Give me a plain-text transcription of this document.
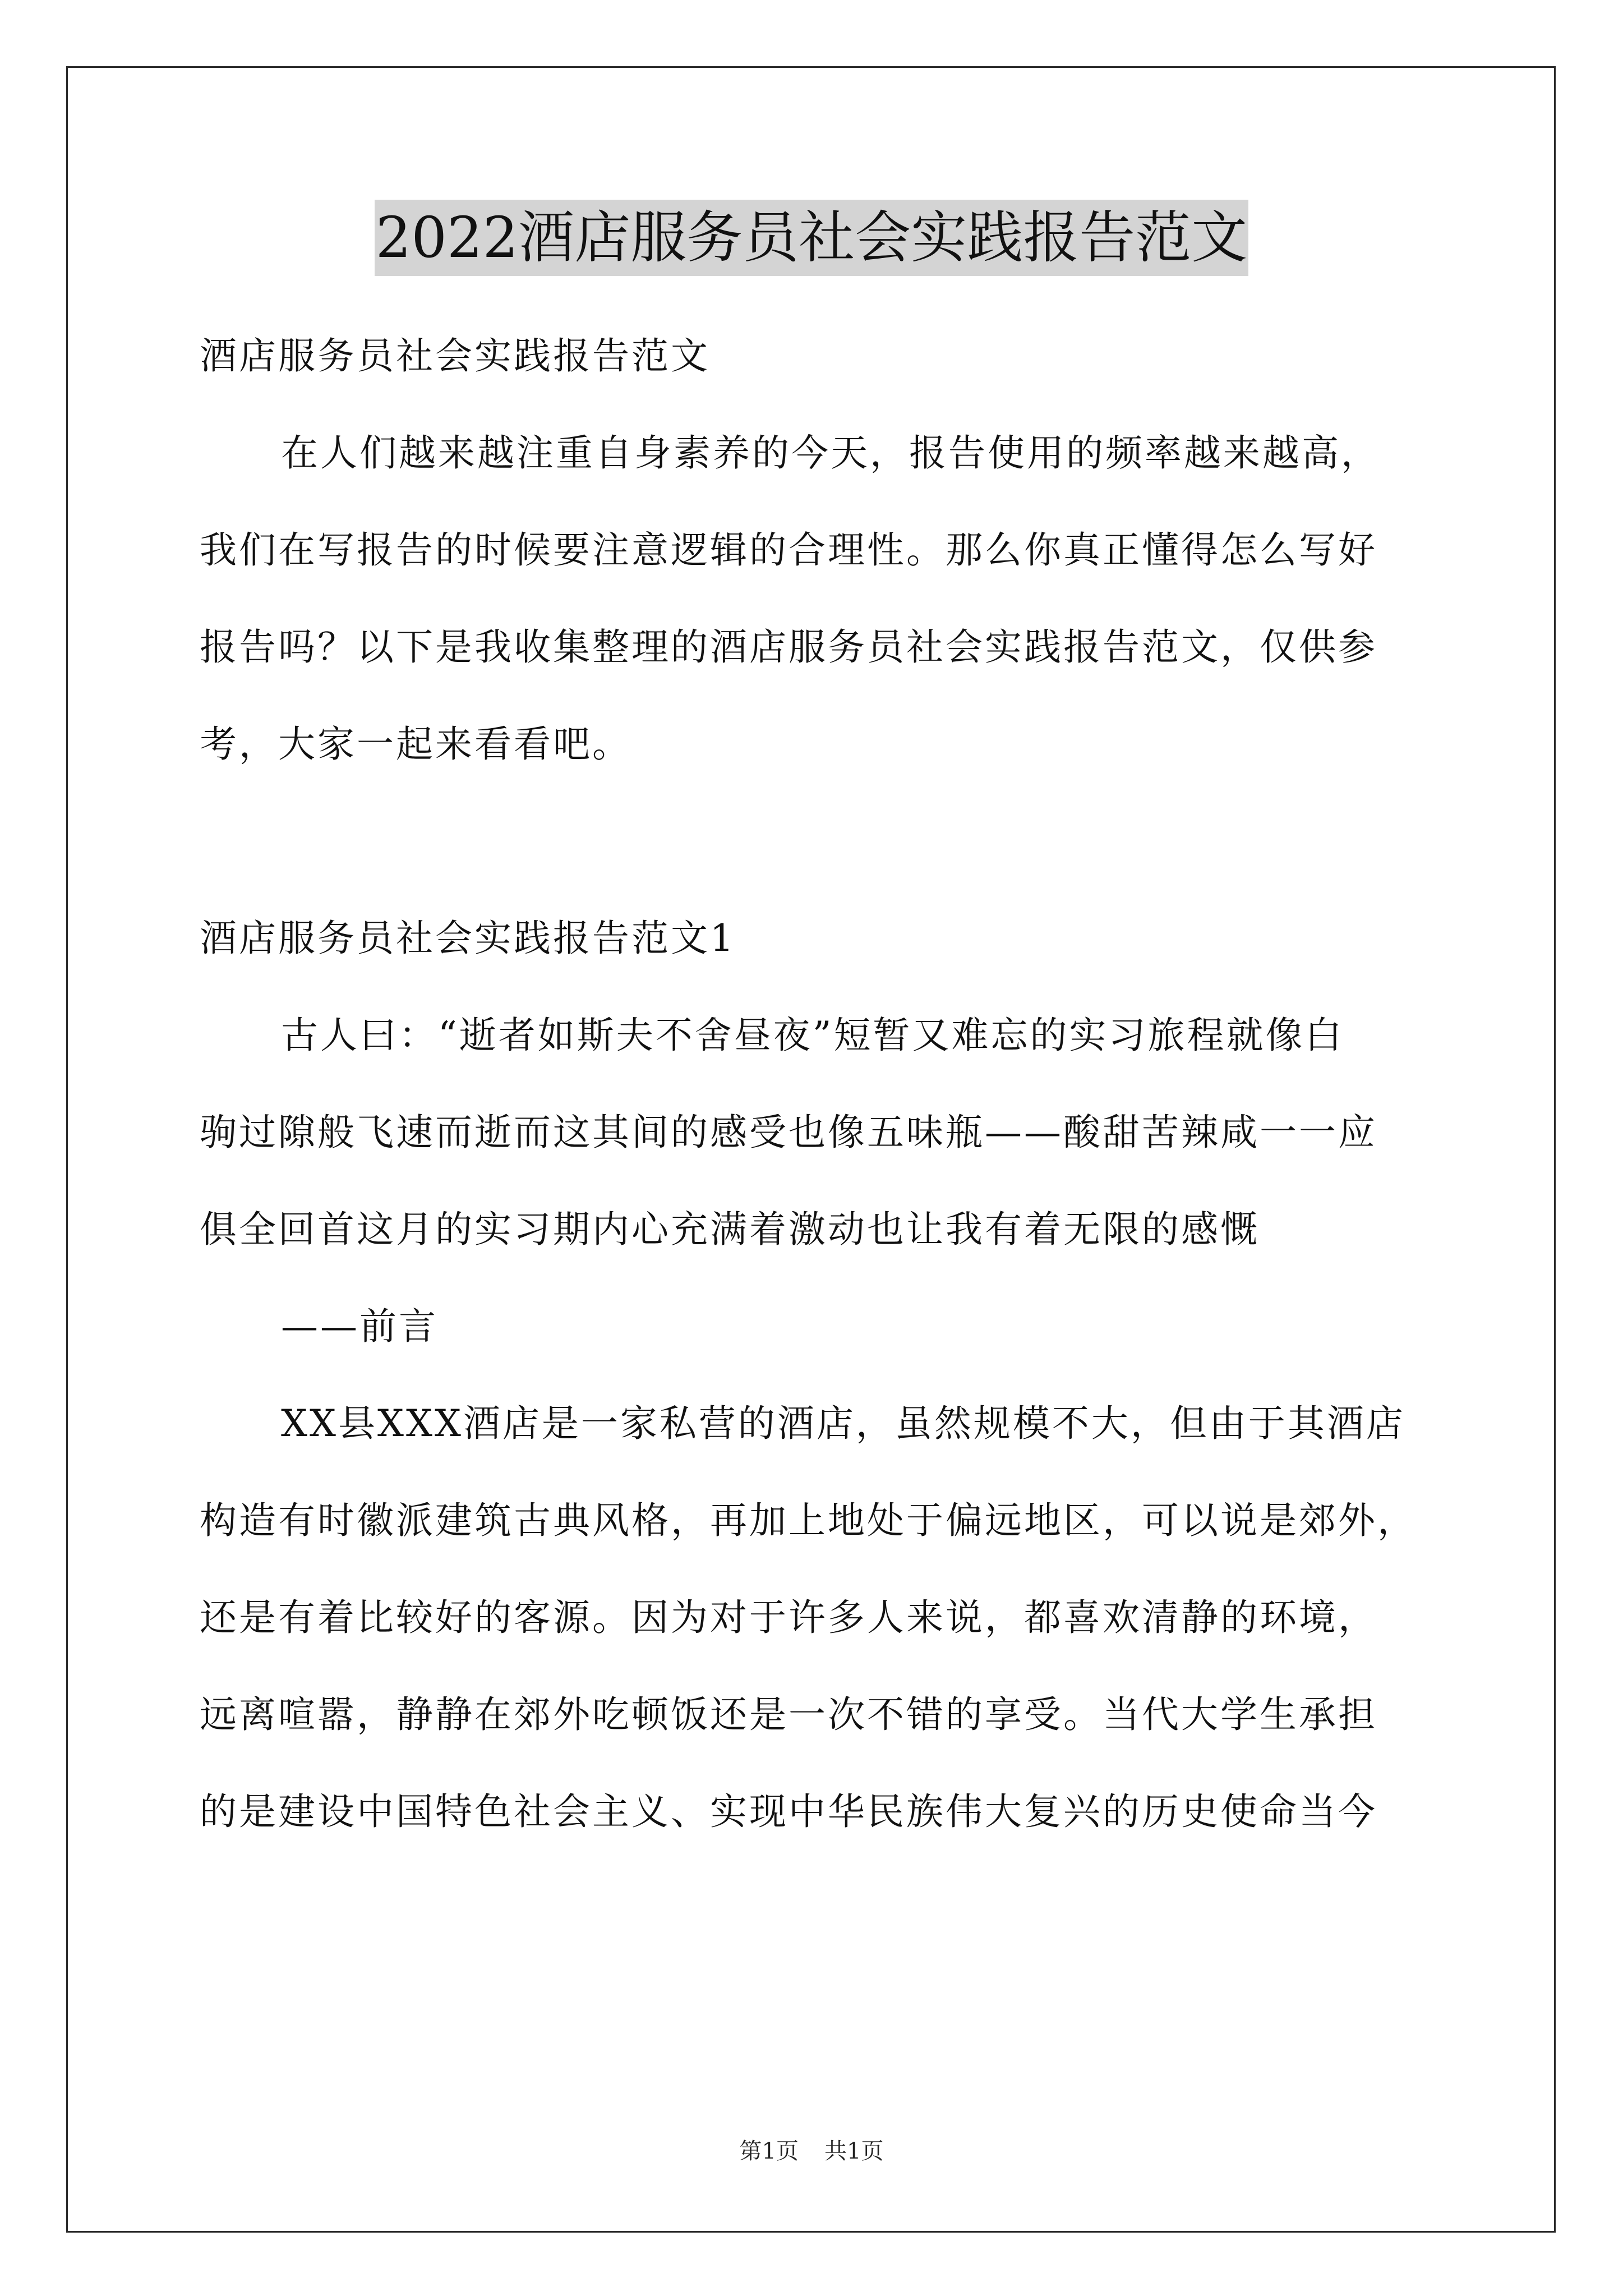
2022酒店服务员社会实践报告范文
酒店服务员社会实践报告范文
在人们越来越注重自身素养的今天，报告使用的频率越来越高，
我们在写报告的时候要注意逻辑的合理性。那么你真正懂得怎么写好
报告吗？以下是我收集整理的酒店服务员社会实践报告范文，仅供参
考，大家一起来看看吧。
酒店服务员社会实践报告范文1
古人曰：“逝者如斯夫不舍昼夜”短暂又难忘的实习旅程就像白
驹过隙般飞速而逝而这其间的感受也像五味瓶——酸甜苦辣咸一一应
俱全回首这月的实习期内心充满着激动也让我有着无限的感慨
——前言
XX县XXX酒店是一家私营的酒店，虽然规模不大，但由于其酒店
构造有时徽派建筑古典风格，再加上地处于偏远地区，可以说是郊外，
还是有着比较好的客源。因为对于许多人来说，都喜欢清静的环境，
远离喧嚣，静静在郊外吃顿饭还是一次不错的享受。当代大学生承担
的是建设中国特色社会主义、实现中华民族伟大复兴的历史使命当今
第1页 共1页
